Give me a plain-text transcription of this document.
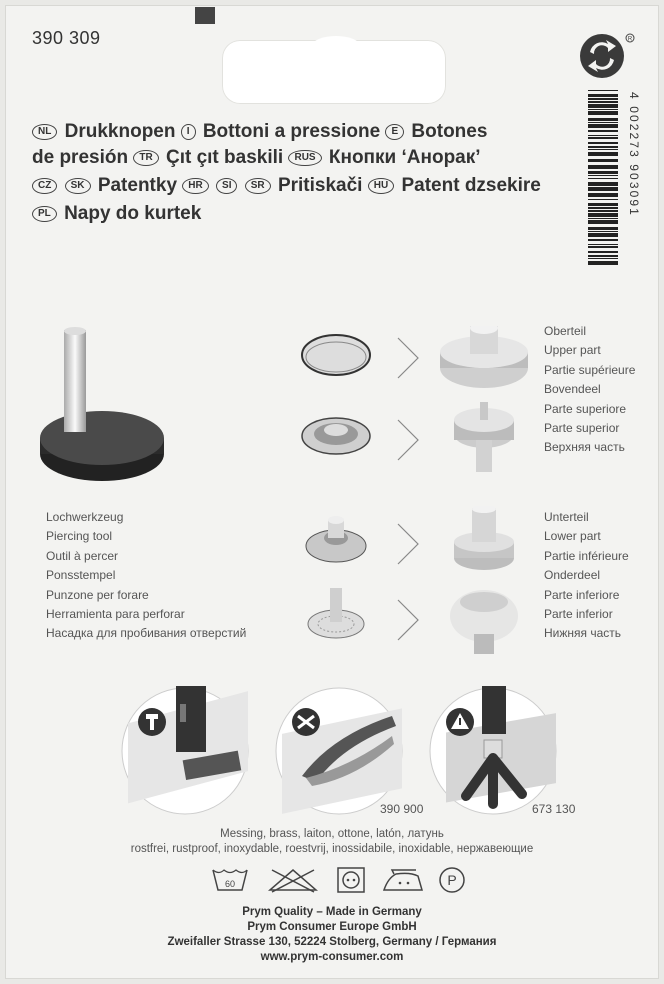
390 309	R
4 002273 903091
NL Drukknopen I Bottoni a pressione E Botones
de presión TR Çıt çıt baskili RUS Кнопки ‘Анорак’
CZ SK Patentky HR SI SR Pritiskači HU Patent dzsekire
PL Napy do kurtek
Oberteil
Upper part
Partie supérieure
Bovendeel
Parte superiore
Parte superior
Верхняя часть
Lochwerkzeug
Piercing tool
Outil à percer
Ponsstempel
Punzone per forare
Herramienta para perforar
Насадка для пробивания отверстий
Unterteil
Lower part
Partie inférieure
Onderdeel
Parte inferiore
Parte inferior
Нижняя часть
390 900	673 130
Messing, brass, laiton, ottone, latón, латунь
rostfrei, rustproof, inoxydable, roestvrij, inossidabile, inoxidable, нержавеющие
60	P
Prym Quality – Made in Germany
Prym Consumer Europe GmbH
Zweifaller Strasse 130, 52224 Stolberg, Germany / Германия
www.prym-consumer.com
